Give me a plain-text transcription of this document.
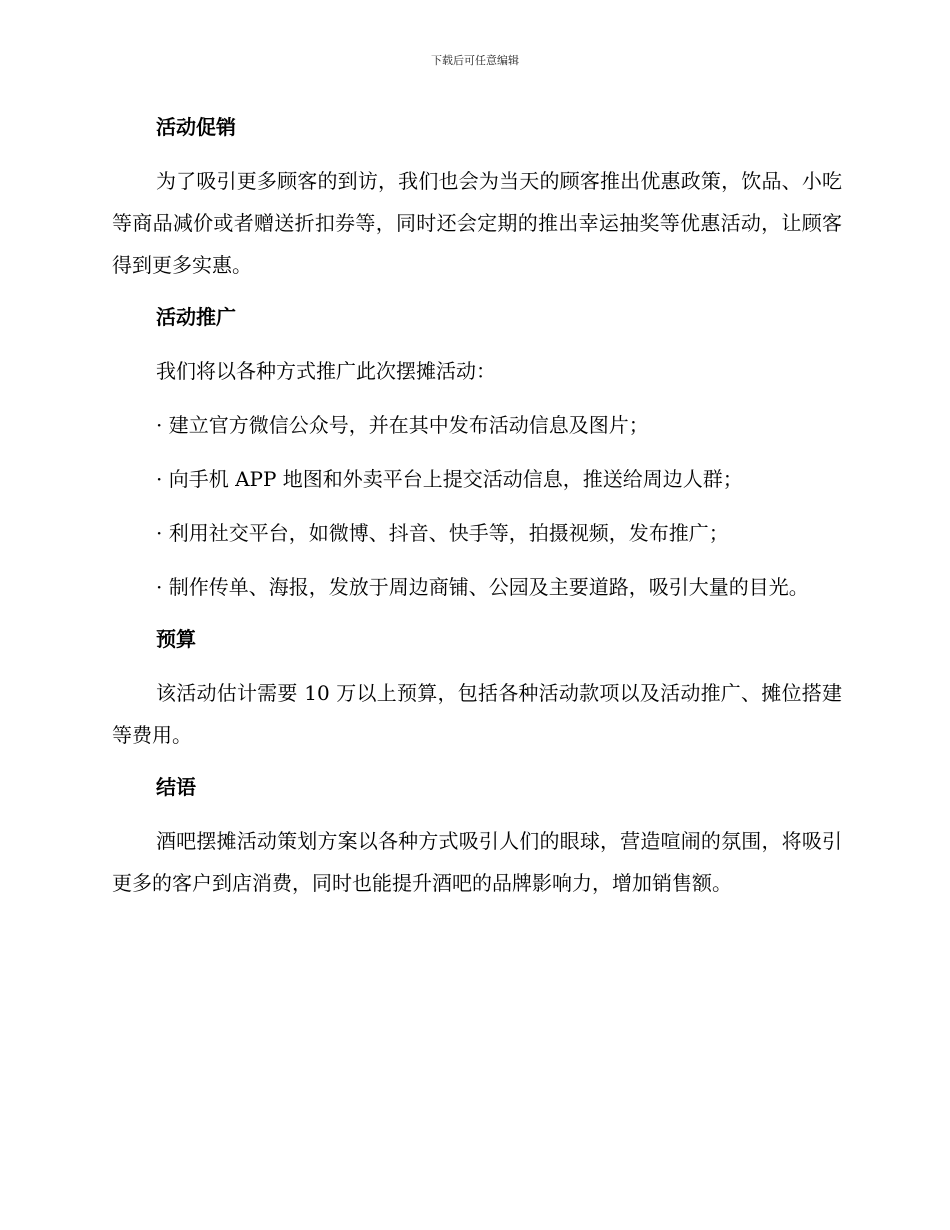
下载后可任意编辑
活动促销

为了吸引更多顾客的到访，我们也会为当天的顾客推出优惠政策，饮品、小吃等商品减价或者赠送折扣券等，同时还会定期的推出幸运抽奖等优惠活动，让顾客得到更多实惠。

活动推广

我们将以各种方式推广此次摆摊活动：

· 建立官方微信公众号，并在其中发布活动信息及图片；

· 向手机 APP 地图和外卖平台上提交活动信息，推送给周边人群；

· 利用社交平台，如微博、抖音、快手等，拍摄视频，发布推广；

· 制作传单、海报，发放于周边商铺、公园及主要道路，吸引大量的目光。

预算

该活动估计需要 10 万以上预算，包括各种活动款项以及活动推广、摊位搭建等费用。

结语

酒吧摆摊活动策划方案以各种方式吸引人们的眼球，营造喧闹的氛围，将吸引更多的客户到店消费，同时也能提升酒吧的品牌影响力，增加销售额。
